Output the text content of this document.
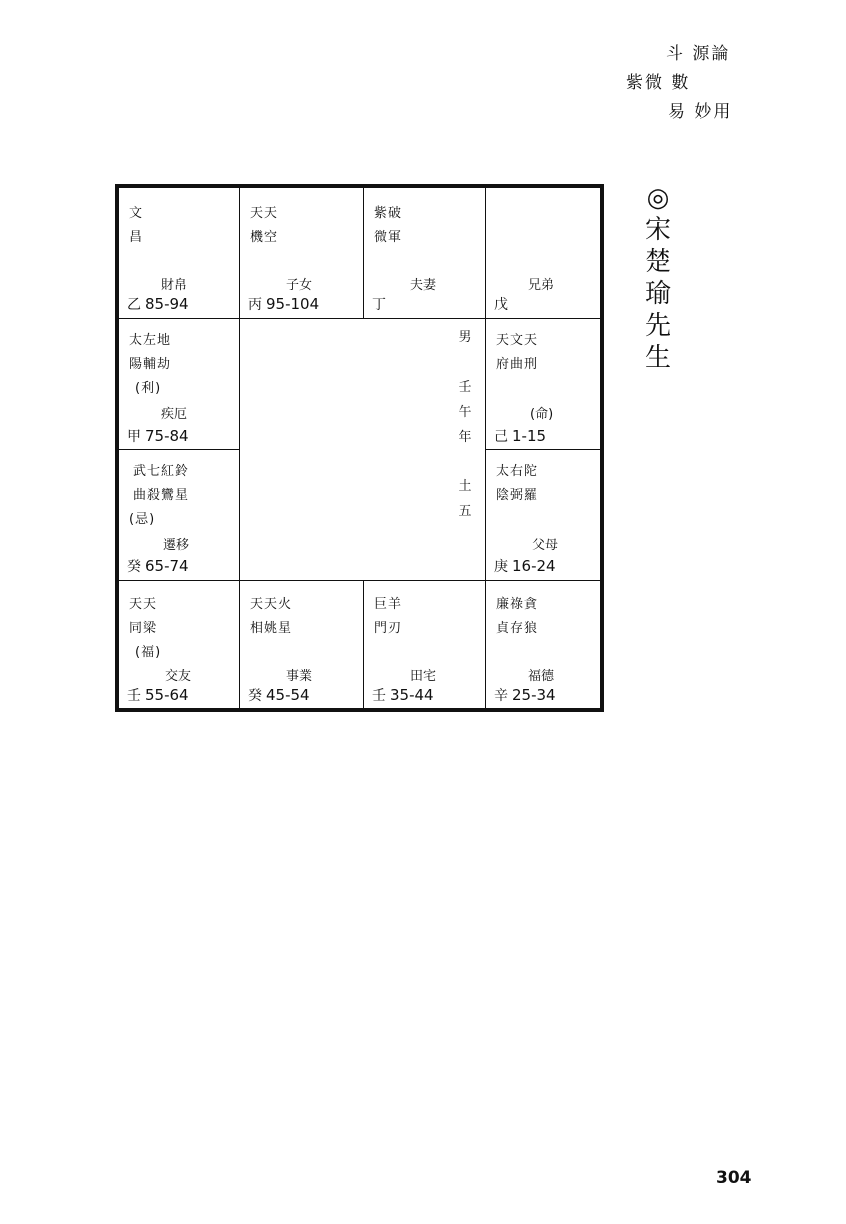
斗 源論
紫微 數
易 妙用
◎
宋
楚
瑜
先
生
文
昌
財帛
乙 85-94
天天
機空
子女
丙 95-104
紫破
微軍
夫妻
丁
兄弟
戊
太左地
陽輔劫
(利)
疾厄
甲 75-84
天文天
府曲刑
(命)
己 1-15
武七紅鈴
曲殺鸞星
(忌)
遷移
癸 65-74
太右陀
陰弼羅
父母
庚 16-24
天天
同梁
(福)
交友
壬 55-64
天天火
相姚星
事業
癸 45-54
巨羊
門刃
田宅
壬 35-44
廉祿貪
貞存狼
福德
辛 25-34
男
壬
午
年
土
五
304
